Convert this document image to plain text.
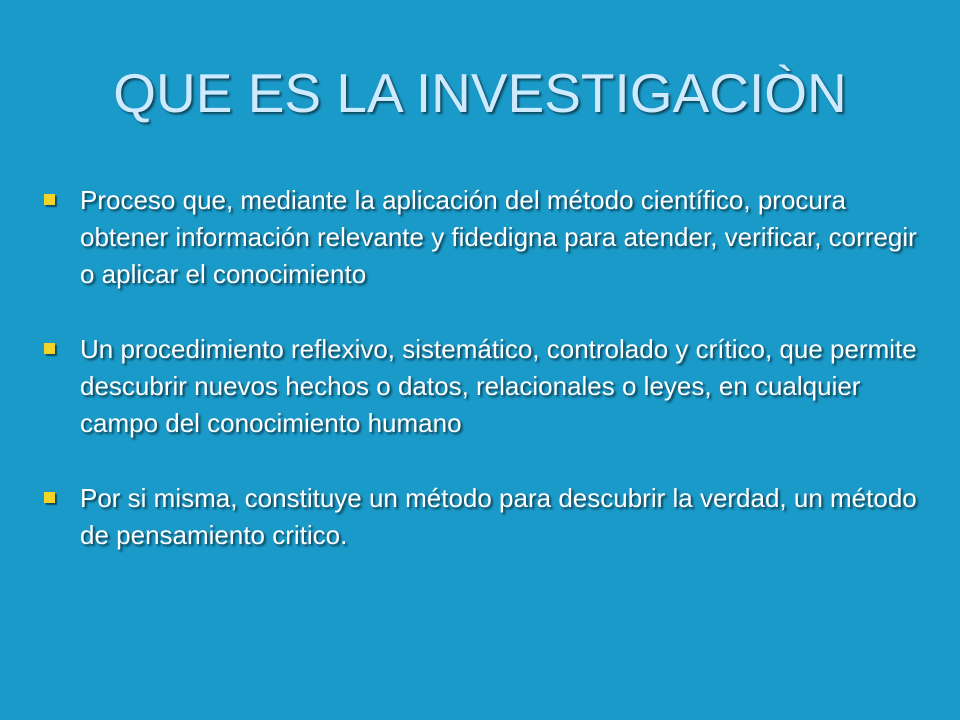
QUE ES LA INVESTIGACIÒN
Proceso que, mediante la aplicación del método científico, procura obtener información relevante y fidedigna para atender, verificar, corregir o aplicar el conocimiento
Un procedimiento reflexivo, sistemático, controlado y crítico, que permite descubrir nuevos hechos o datos, relacionales o leyes, en cualquier campo del conocimiento humano
Por si misma, constituye un método para descubrir la verdad, un método de pensamiento critico.
